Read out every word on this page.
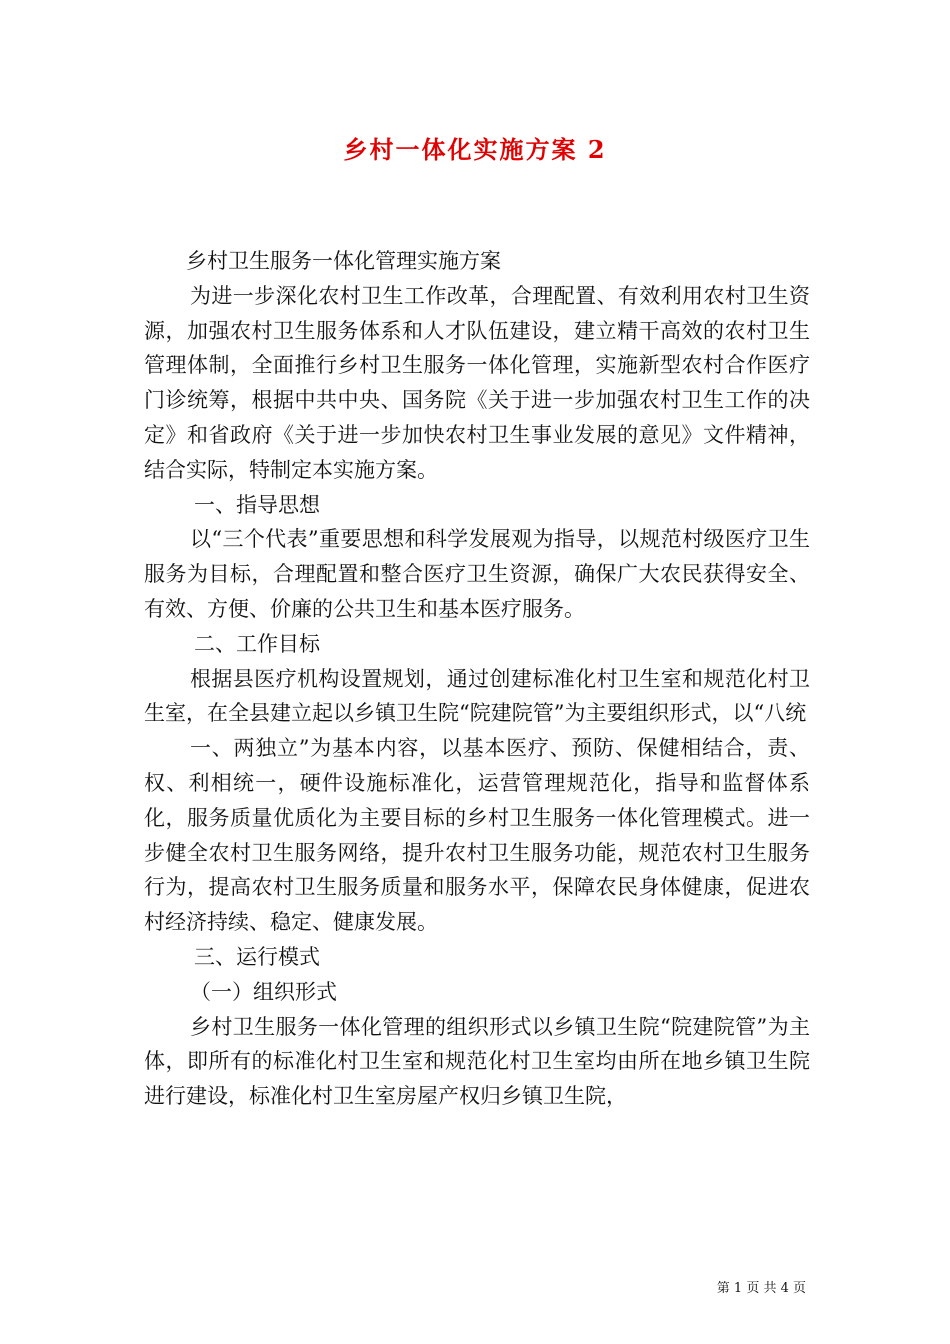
乡村一体化实施方案 2

乡村卫生服务一体化管理实施方案

为进一步深化农村卫生工作改革，合理配置、有效利用农村卫生资源，加强农村卫生服务体系和人才队伍建设，建立精干高效的农村卫生管理体制，全面推行乡村卫生服务一体化管理，实施新型农村合作医疗门诊统筹，根据中共中央、国务院《关于进一步加强农村卫生工作的决定》和省政府《关于进一步加快农村卫生事业发展的意见》文件精神，结合实际，特制定本实施方案。

一、指导思想

以“三个代表”重要思想和科学发展观为指导，以规范村级医疗卫生服务为目标，合理配置和整合医疗卫生资源，确保广大农民获得安全、有效、方便、价廉的公共卫生和基本医疗服务。

二、工作目标

根据县医疗机构设置规划，通过创建标准化村卫生室和规范化村卫生室，在全县建立起以乡镇卫生院“院建院管”为主要组织形式，以“八统

一、两独立”为基本内容，以基本医疗、预防、保健相结合，责、权、利相统一，硬件设施标准化，运营管理规范化，指导和监督体系化，服务质量优质化为主要目标的乡村卫生服务一体化管理模式。进一步健全农村卫生服务网络，提升农村卫生服务功能，规范农村卫生服务行为，提高农村卫生服务质量和服务水平，保障农民身体健康，促进农村经济持续、稳定、健康发展。

三、运行模式

（一）组织形式

乡村卫生服务一体化管理的组织形式以乡镇卫生院“院建院管”为主体，即所有的标准化村卫生室和规范化村卫生室均由所在地乡镇卫生院进行建设，标准化村卫生室房屋产权归乡镇卫生院，

第 1 页 共 4 页
